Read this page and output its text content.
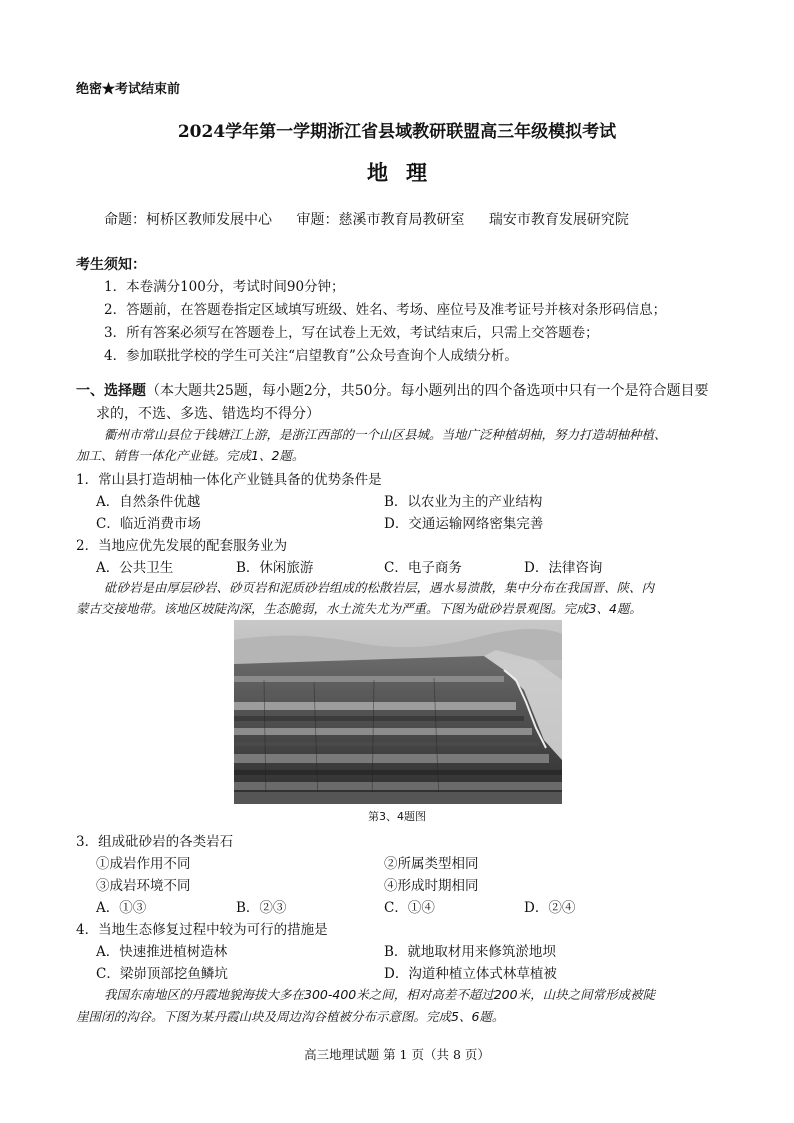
绝密★考试结束前
2024学年第一学期浙江省县域教研联盟高三年级模拟考试
地理
命题：柯桥区教师发展中心 审题：慈溪市教育局教研室 瑞安市教育发展研究院
考生须知：
1．本卷满分100分，考试时间90分钟；
2．答题前，在答题卷指定区域填写班级、姓名、考场、座位号及准考证号并核对条形码信息；
3．所有答案必须写在答题卷上，写在试卷上无效，考试结束后，只需上交答题卷；
4．参加联批学校的学生可关注“启望教育”公众号查询个人成绩分析。
一、选择题（本大题共25题，每小题2分，共50分。每小题列出的四个备选项中只有一个是符合题目要
求的，不选、多选、错选均不得分）
衢州市常山县位于钱塘江上游，是浙江西部的一个山区县城。当地广泛种植胡柚，努力打造胡柚种植、
加工、销售一体化产业链。完成1、2题。
1．常山县打造胡柚一体化产业链具备的优势条件是
A．自然条件优越	B．以农业为主的产业结构
C．临近消费市场	D．交通运输网络密集完善
2．当地应优先发展的配套服务业为
A．公共卫生	B．休闲旅游	C．电子商务	D．法律咨询
砒砂岩是由厚层砂岩、砂页岩和泥质砂岩组成的松散岩层，遇水易溃散，集中分布在我国晋、陕、内
蒙古交接地带。该地区坡陡沟深，生态脆弱，水土流失尤为严重。下图为砒砂岩景观图。完成3、4题。
第3、4题图
3．组成砒砂岩的各类岩石
①成岩作用不同	②所属类型相同
③成岩环境不同	④形成时期相同
A．①③	B．②③	C．①④	D．②④
4．当地生态修复过程中较为可行的措施是
A．快速推进植树造林	B．就地取材用来修筑淤地坝
C．梁峁顶部挖鱼鳞坑	D．沟道种植立体式林草植被
我国东南地区的丹霞地貌海拔大多在300-400米之间，相对高差不超过200米，山块之间常形成被陡
崖围闭的沟谷。下图为某丹霞山块及周边沟谷植被分布示意图。完成5、6题。
高三地理试题 第 1 页（共 8 页）
